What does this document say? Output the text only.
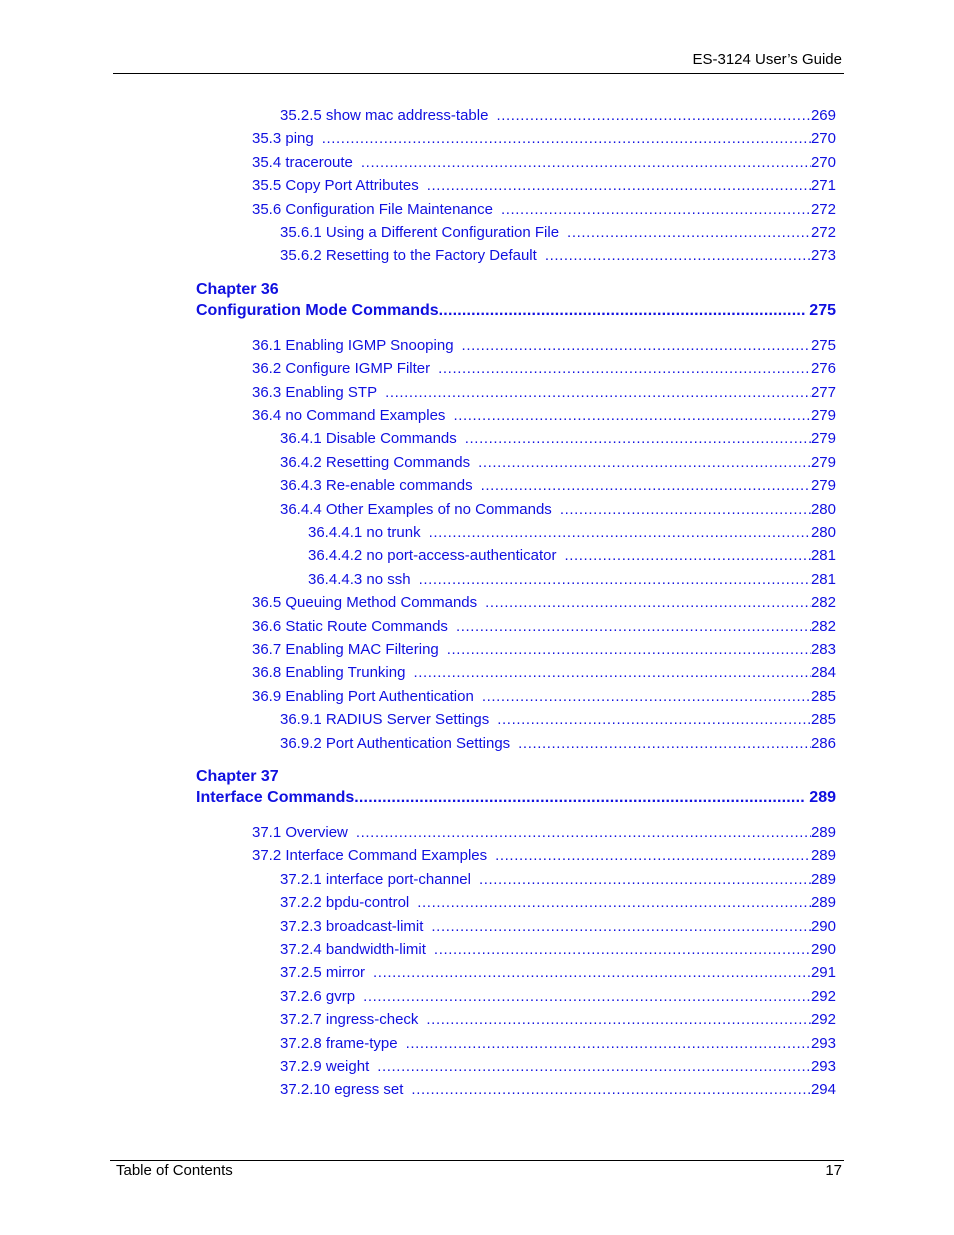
ES-3124 User’s Guide
35.2.5 show mac address-table .....	269
35.3 ping .....	270
35.4 traceroute .....	270
35.5 Copy Port Attributes .....	271
35.6 Configuration File Maintenance .....	272
35.6.1 Using a Different Configuration File .....	272
35.6.2 Resetting to the Factory Default .....	273
Chapter 36
Configuration Mode Commands .....	275
36.1 Enabling IGMP Snooping .....	275
36.2 Configure IGMP Filter .....	276
36.3 Enabling STP .....	277
36.4 no Command Examples .....	279
36.4.1 Disable Commands .....	279
36.4.2 Resetting Commands .....	279
36.4.3 Re-enable commands .....	279
36.4.4 Other Examples of no Commands .....	280
36.4.4.1 no trunk .....	280
36.4.4.2 no port-access-authenticator .....	281
36.4.4.3 no ssh .....	281
36.5 Queuing Method Commands .....	282
36.6 Static Route Commands .....	282
36.7 Enabling MAC Filtering .....	283
36.8 Enabling Trunking .....	284
36.9 Enabling Port Authentication .....	285
36.9.1 RADIUS Server Settings .....	285
36.9.2 Port Authentication Settings .....	286
Chapter 37
Interface Commands .....	289
37.1 Overview .....	289
37.2 Interface Command Examples .....	289
37.2.1 interface port-channel .....	289
37.2.2 bpdu-control .....	289
37.2.3 broadcast-limit .....	290
37.2.4 bandwidth-limit .....	290
37.2.5 mirror .....	291
37.2.6 gvrp .....	292
37.2.7 ingress-check .....	292
37.2.8 frame-type .....	293
37.2.9 weight .....	293
37.2.10 egress set .....	294
Table of Contents	17
